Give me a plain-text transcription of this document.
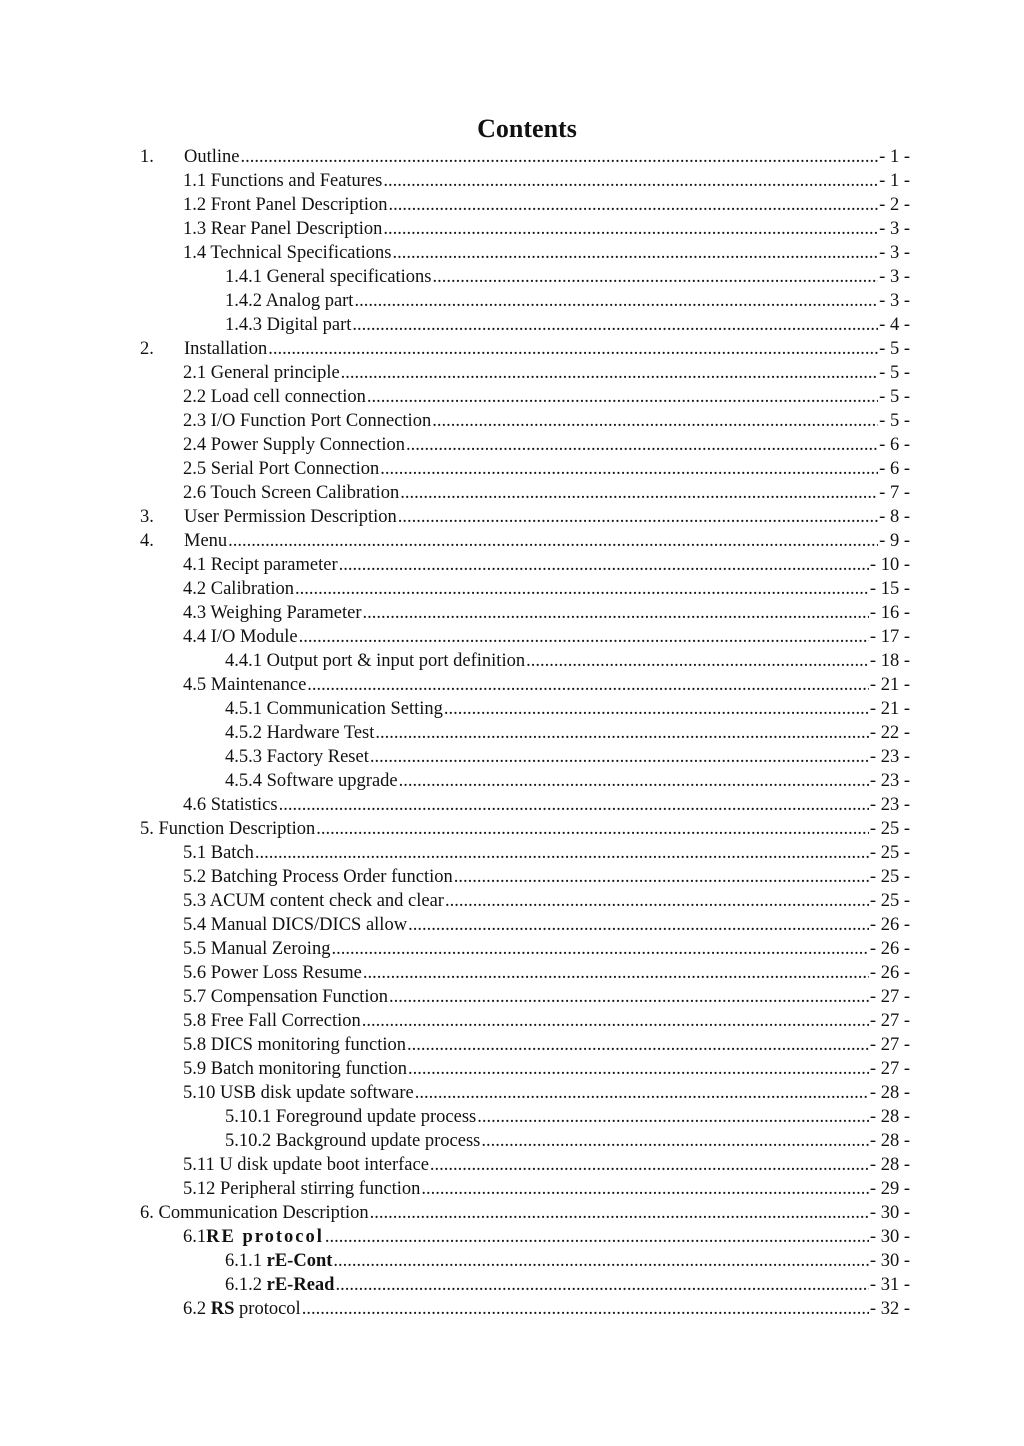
Contents
1. Outline .....	- 1 -
1.1 Functions and Features .....	- 1 -
1.2 Front Panel Description .....	- 2 -
1.3 Rear Panel Description .....	- 3 -
1.4 Technical Specifications .....	- 3 -
1.4.1 General specifications .....	- 3 -
1.4.2 Analog part .....	- 3 -
1.4.3 Digital part .....	- 4 -
2. Installation .....	- 5 -
2.1 General principle .....	- 5 -
2.2 Load cell connection .....	- 5 -
2.3 I/O Function Port Connection .....	- 5 -
2.4 Power Supply Connection .....	- 6 -
2.5 Serial Port Connection .....	- 6 -
2.6 Touch Screen Calibration .....	- 7 -
3. User Permission Description .....	- 8 -
4. Menu .....	- 9 -
4.1 Recipt parameter .....	- 10 -
4.2 Calibration .....	- 15 -
4.3 Weighing Parameter .....	- 16 -
4.4 I/O Module .....	- 17 -
4.4.1 Output port & input port definition .....	- 18 -
4.5 Maintenance .....	- 21 -
4.5.1 Communication Setting .....	- 21 -
4.5.2 Hardware Test .....	- 22 -
4.5.3 Factory Reset .....	- 23 -
4.5.4 Software upgrade .....	- 23 -
4.6 Statistics .....	- 23 -
5. Function Description .....	- 25 -
5.1 Batch .....	- 25 -
5.2 Batching Process Order function .....	- 25 -
5.3 ACUM content check and clear .....	- 25 -
5.4 Manual DICS/DICS allow .....	- 26 -
5.5 Manual Zeroing .....	- 26 -
5.6 Power Loss Resume .....	- 26 -
5.7 Compensation Function .....	- 27 -
5.8 Free Fall Correction .....	- 27 -
5.8 DICS monitoring function .....	- 27 -
5.9 Batch monitoring function .....	- 27 -
5.10 USB disk update software .....	- 28 -
5.10.1 Foreground update process .....	- 28 -
5.10.2 Background update process .....	- 28 -
5.11 U disk update boot interface .....	- 28 -
5.12 Peripheral stirring function .....	- 29 -
6. Communication Description .....	- 30 -
6.1RE protocol .....	- 30 -
6.1.1 rE-Cont .....	- 30 -
6.1.2 rE-Read .....	- 31 -
6.2 RS protocol .....	- 32 -
